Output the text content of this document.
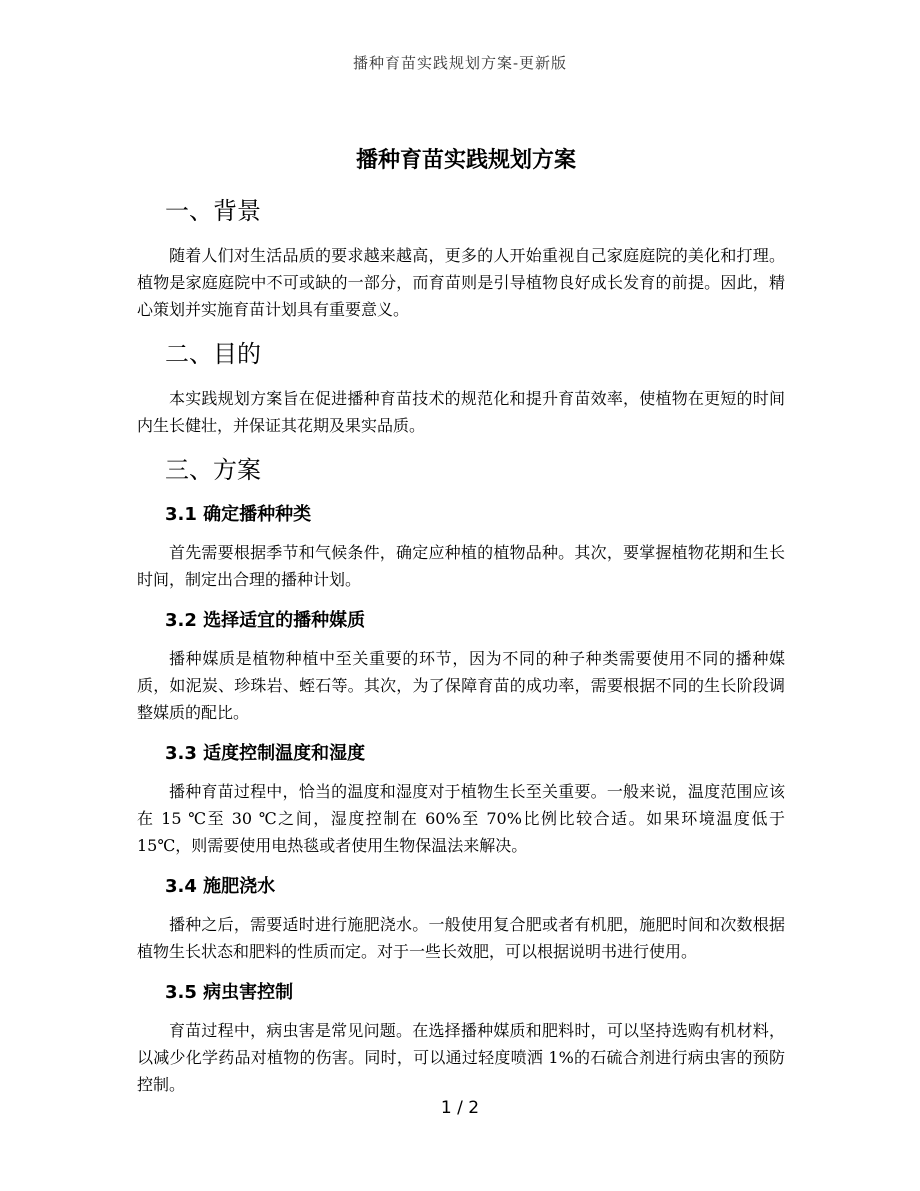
播种育苗实践规划方案-更新版
播种育苗实践规划方案
一、背景

随着人们对生活品质的要求越来越高，更多的人开始重视自己家庭庭院的美化和打理。植物是家庭庭院中不可或缺的一部分，而育苗则是引导植物良好成长发育的前提。因此，精心策划并实施育苗计划具有重要意义。

二、目的

本实践规划方案旨在促进播种育苗技术的规范化和提升育苗效率，使植物在更短的时间内生长健壮，并保证其花期及果实品质。

三、方案
3.1 确定播种种类

首先需要根据季节和气候条件，确定应种植的植物品种。其次，要掌握植物花期和生长时间，制定出合理的播种计划。

3.2 选择适宜的播种媒质

播种媒质是植物种植中至关重要的环节，因为不同的种子种类需要使用不同的播种媒质，如泥炭、珍珠岩、蛭石等。其次，为了保障育苗的成功率，需要根据不同的生长阶段调整媒质的配比。

3.3 适度控制温度和湿度

播种育苗过程中，恰当的温度和湿度对于植物生长至关重要。一般来说，温度范围应该在 15 ℃至 30 ℃之间，湿度控制在 60%至 70%比例比较合适。如果环境温度低于 15℃，则需要使用电热毯或者使用生物保温法来解决。

3.4 施肥浇水

播种之后，需要适时进行施肥浇水。一般使用复合肥或者有机肥，施肥时间和次数根据植物生长状态和肥料的性质而定。对于一些长效肥，可以根据说明书进行使用。

3.5 病虫害控制

育苗过程中，病虫害是常见问题。在选择播种媒质和肥料时，可以坚持选购有机材料，以减少化学药品对植物的伤害。同时，可以通过轻度喷洒 1%的石硫合剂进行病虫害的预防控制。

1 / 2
